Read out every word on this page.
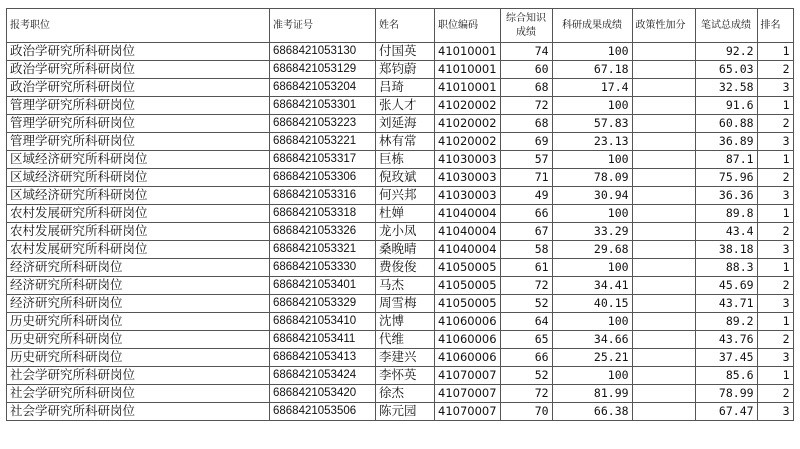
报考职位	准考证号	姓名	职位编码	综合知识成绩	科研成果成绩	政策性加分	笔试总成绩	排名
政治学研究所科研岗位	6868421053130	付国英	41010001	74	100		92.2	1
政治学研究所科研岗位	6868421053129	郑钧蔚	41010001	60	67.18		65.03	2
政治学研究所科研岗位	6868421053204	吕琦	41010001	68	17.4		32.58	3
管理学研究所科研岗位	6868421053301	张人才	41020002	72	100		91.6	1
管理学研究所科研岗位	6868421053223	刘延海	41020002	68	57.83		60.88	2
管理学研究所科研岗位	6868421053221	林有常	41020002	69	23.13		36.89	3
区域经济研究所科研岗位	6868421053317	巨栋	41030003	57	100		87.1	1
区域经济研究所科研岗位	6868421053306	倪玫斌	41030003	71	78.09		75.96	2
区域经济研究所科研岗位	6868421053316	何兴邦	41030003	49	30.94		36.36	3
农村发展研究所科研岗位	6868421053318	杜婵	41040004	66	100		89.8	1
农村发展研究所科研岗位	6868421053326	龙小凤	41040004	67	33.29		43.4	2
农村发展研究所科研岗位	6868421053321	桑晚晴	41040004	58	29.68		38.18	3
经济研究所科研岗位	6868421053330	费俊俊	41050005	61	100		88.3	1
经济研究所科研岗位	6868421053401	马杰	41050005	72	34.41		45.69	2
经济研究所科研岗位	6868421053329	周雪梅	41050005	52	40.15		43.71	3
历史研究所科研岗位	6868421053410	沈博	41060006	64	100		89.2	1
历史研究所科研岗位	6868421053411	代维	41060006	65	34.66		43.76	2
历史研究所科研岗位	6868421053413	李建兴	41060006	66	25.21		37.45	3
社会学研究所科研岗位	6868421053424	李怀英	41070007	52	100		85.6	1
社会学研究所科研岗位	6868421053420	徐杰	41070007	72	81.99		78.99	2
社会学研究所科研岗位	6868421053506	陈元园	41070007	70	66.38		67.47	3
